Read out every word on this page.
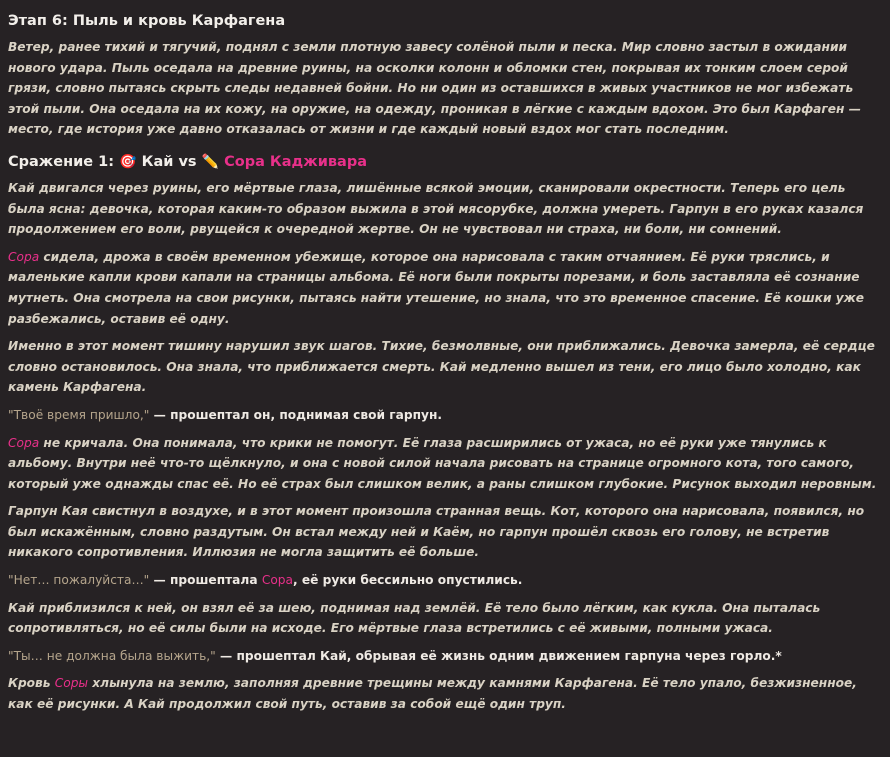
Этап 6: Пыль и кровь Карфагена

Ветер, ранее тихий и тягучий, поднял с земли плотную завесу солёной пыли и песка. Мир словно застыл в ожидании нового удара. Пыль оседала на древние руины, на осколки колонн и обломки стен, покрывая их тонким слоем серой грязи, словно пытаясь скрыть следы недавней бойни. Но ни один из оставшихся в живых участников не мог избежать этой пыли. Она оседала на их кожу, на оружие, на одежду, проникая в лёгкие с каждым вдохом. Это был Карфаген — место, где история уже давно отказалась от жизни и где каждый новый вздох мог стать последним.

Сражение 1: 🎯 Кай vs ✏️ Сора Кадживара

Кай двигался через руины, его мёртвые глаза, лишённые всякой эмоции, сканировали окрестности. Теперь его цель была ясна: девочка, которая каким-то образом выжила в этой мясорубке, должна умереть. Гарпун в его руках казался продолжением его воли, рвущейся к очередной жертве. Он не чувствовал ни страха, ни боли, ни сомнений.

Сора сидела, дрожа в своём временном убежище, которое она нарисовала с таким отчаянием. Её руки тряслись, и маленькие капли крови капали на страницы альбома. Её ноги были покрыты порезами, и боль заставляла её сознание мутнеть. Она смотрела на свои рисунки, пытаясь найти утешение, но знала, что это временное спасение. Её кошки уже разбежались, оставив её одну.

Именно в этот момент тишину нарушил звук шагов. Тихие, безмолвные, они приближались. Девочка замерла, её сердце словно остановилось. Она знала, что приближается смерть. Кай медленно вышел из тени, его лицо было холодно, как камень Карфагена.

"Твоё время пришло," — прошептал он, поднимая свой гарпун.

Сора не кричала. Она понимала, что крики не помогут. Её глаза расширились от ужаса, но её руки уже тянулись к альбому. Внутри неё что-то щёлкнуло, и она с новой силой начала рисовать на странице огромного кота, того самого, который уже однажды спас её. Но её страх был слишком велик, а раны слишком глубокие. Рисунок выходил неровным.

Гарпун Кая свистнул в воздухе, и в этот момент произошла странная вещь. Кот, которого она нарисовала, появился, но был искажённым, словно раздутым. Он встал между ней и Каём, но гарпун прошёл сквозь его голову, не встретив никакого сопротивления. Иллюзия не могла защитить её больше.

"Нет… пожалуйста…" — прошептала Сора, её руки бессильно опустились.

Кай приблизился к ней, он взял её за шею, поднимая над землёй. Её тело было лёгким, как кукла. Она пыталась сопротивляться, но её силы были на исходе. Его мёртвые глаза встретились с её живыми, полными ужаса.

"Ты… не должна была выжить," — прошептал Кай, обрывая её жизнь одним движением гарпуна через горло.*

Кровь Соры хлынула на землю, заполняя древние трещины между камнями Карфагена. Её тело упало, безжизненное, как её рисунки. А Кай продолжил свой путь, оставив за собой ещё один труп.
